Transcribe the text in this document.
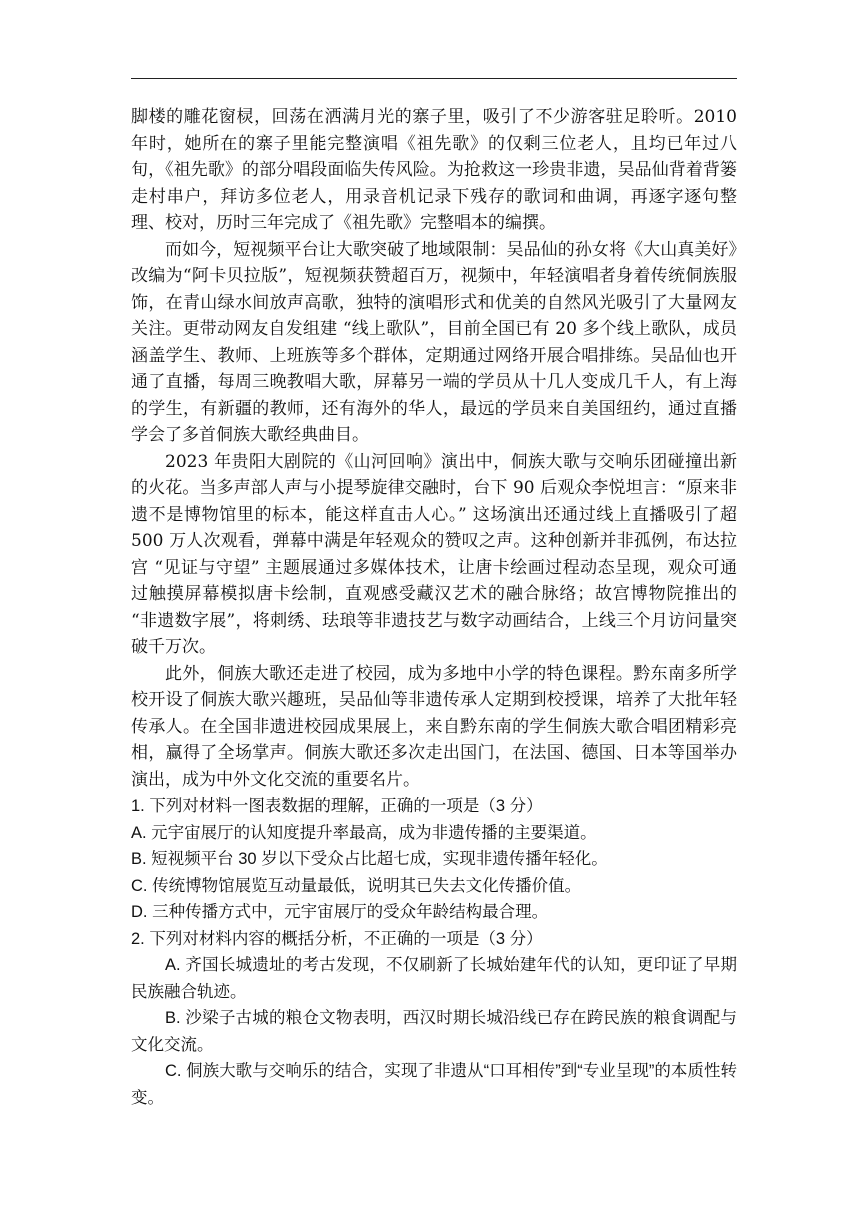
脚楼的雕花窗棂，回荡在洒满月光的寨子里，吸引了不少游客驻足聆听。2010 年时，她所在的寨子里能完整演唱《祖先歌》的仅剩三位老人，且均已年过八旬，《祖先歌》的部分唱段面临失传风险。为抢救这一珍贵非遗，吴品仙背着背篓走村串户，拜访多位老人，用录音机记录下残存的歌词和曲调，再逐字逐句整理、校对，历时三年完成了《祖先歌》完整唱本的编撰。

而如今，短视频平台让大歌突破了地域限制：吴品仙的孙女将《大山真美好》改编为“阿卡贝拉版”，短视频获赞超百万，视频中，年轻演唱者身着传统侗族服饰，在青山绿水间放声高歌，独特的演唱形式和优美的自然风光吸引了大量网友关注。更带动网友自发组建 “线上歌队”，目前全国已有 20 多个线上歌队，成员涵盖学生、教师、上班族等多个群体，定期通过网络开展合唱排练。吴品仙也开通了直播，每周三晚教唱大歌，屏幕另一端的学员从十几人变成几千人，有上海的学生，有新疆的教师，还有海外的华人，最远的学员来自美国纽约，通过直播学会了多首侗族大歌经典曲目。

2023 年贵阳大剧院的《山河回响》演出中，侗族大歌与交响乐团碰撞出新的火花。当多声部人声与小提琴旋律交融时，台下 90 后观众李悦坦言：“原来非遗不是博物馆里的标本，能这样直击人心。” 这场演出还通过线上直播吸引了超 500 万人次观看，弹幕中满是年轻观众的赞叹之声。这种创新并非孤例，布达拉宫 “见证与守望” 主题展通过多媒体技术，让唐卡绘画过程动态呈现，观众可通过触摸屏幕模拟唐卡绘制，直观感受藏汉艺术的融合脉络；故宫博物院推出的 “非遗数字展”，将刺绣、珐琅等非遗技艺与数字动画结合，上线三个月访问量突破千万次。

此外，侗族大歌还走进了校园，成为多地中小学的特色课程。黔东南多所学校开设了侗族大歌兴趣班，吴品仙等非遗传承人定期到校授课，培养了大批年轻传承人。在全国非遗进校园成果展上，来自黔东南的学生侗族大歌合唱团精彩亮相，赢得了全场掌声。侗族大歌还多次走出国门，在法国、德国、日本等国举办演出，成为中外文化交流的重要名片。

1. 下列对材料一图表数据的理解，正确的一项是（3 分）

A. 元宇宙展厅的认知度提升率最高，成为非遗传播的主要渠道。

B. 短视频平台 30 岁以下受众占比超七成，实现非遗传播年轻化。

C. 传统博物馆展览互动量最低，说明其已失去文化传播价值。

D. 三种传播方式中，元宇宙展厅的受众年龄结构最合理。

2. 下列对材料内容的概括分析，不正确的一项是（3 分）

A. 齐国长城遗址的考古发现，不仅刷新了长城始建年代的认知，更印证了早期民族融合轨迹。

B. 沙梁子古城的粮仓文物表明，西汉时期长城沿线已存在跨民族的粮食调配与文化交流。

C. 侗族大歌与交响乐的结合，实现了非遗从“口耳相传”到“专业呈现”的本质性转变。
